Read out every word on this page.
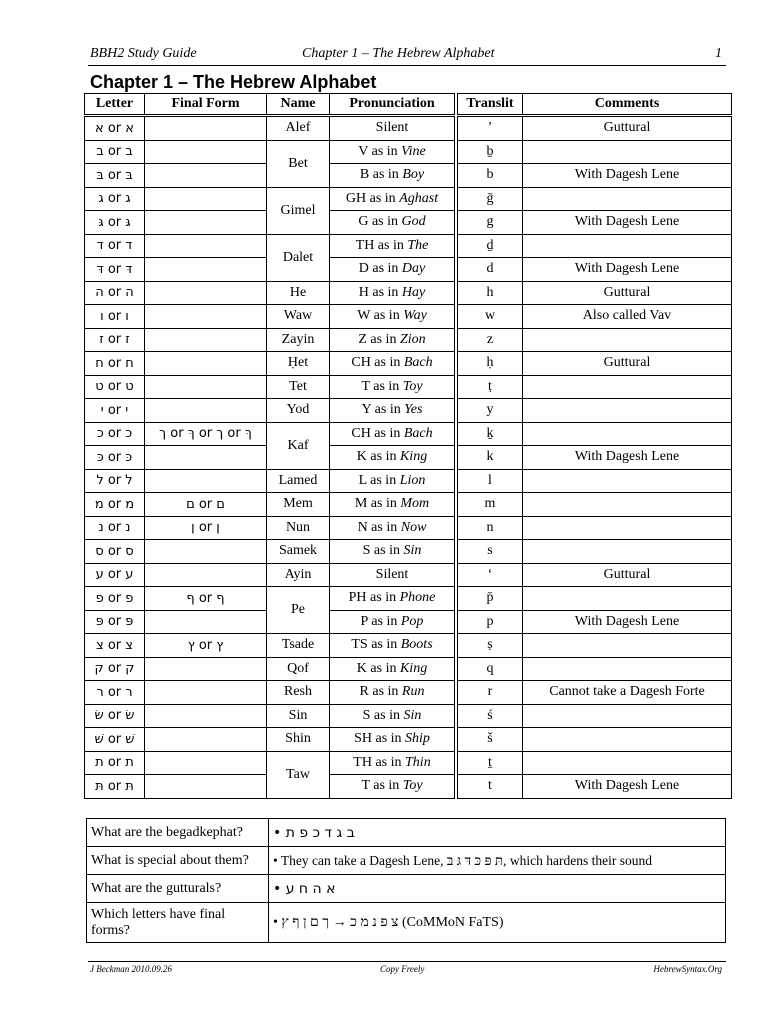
BBH2 Study Guide	Chapter 1 – The Hebrew Alphabet	1
Chapter 1 – The Hebrew Alphabet
Letter	Final Form	Name	Pronunciation		Translit	Comments
א or א		Alef	Silent		’	Guttural
ב or ב		Bet	V as in Vine		ḇ	
בּ or בּ			B as in Boy		b	With Dagesh Lene
ג or ג		Gimel	GH as in Aghast		ḡ	
גּ or גּ			G as in God		g	With Dagesh Lene
ד or ד		Dalet	TH as in The		ḏ	
דּ or דּ			D as in Day		d	With Dagesh Lene
ה or ה		He	H as in Hay		h	Guttural
ו or ו		Waw	W as in Way		w	Also called Vav
ז or ז		Zayin	Z as in Zion		z	
ח or ח		Ḥet	CH as in Bach		ḥ	Guttural
ט or ט		Tet	T as in Toy		ṭ	
י or י		Yod	Y as in Yes		y	
כ or כ	ך or ךּ or ך or ךּ	Kaf	CH as in Bach		ḵ	
כּ or כּ			K as in King		k	With Dagesh Lene
ל or ל		Lamed	L as in Lion		l	
מ or מ	ם or ם	Mem	M as in Mom		m	
נ or נ	ן or ן	Nun	N as in Now		n	
ס or ס		Samek	S as in Sin		s	
ע or ע		Ayin	Silent		‘	Guttural
פ or פ	ף or ף	Pe	PH as in Phone		p̄	
פּ or פּ			P as in Pop		p	With Dagesh Lene
צ or צ	ץ or ץ	Tsade	TS as in Boots		ṣ	
ק or ק		Qof	K as in King		q	
ר or ר		Resh	R as in Run		r	Cannot take a Dagesh Forte
שׂ or שׂ		Sin	S as in Sin		ś	
שׁ or שׁ		Shin	SH as in Ship		š	
ת or ת		Taw	TH as in Thin		ṯ	
תּ or תּ			T as in Toy		t	With Dagesh Lene
What are the begadkephat?	• ב ג ד כ פ ת
What is special about them?	• They can take a Dagesh Lene, תּ פּ כּ דּ גּ בּ, which hardens their sound
What are the gutturals?	• א ה ח ע
Which letters have final forms?	• צ פ נ מ כ → ך ם ן ף ץ (CoMMoN FaTS)
J Beckman 2010.09.26	Copy Freely	HebrewSyntax.Org
